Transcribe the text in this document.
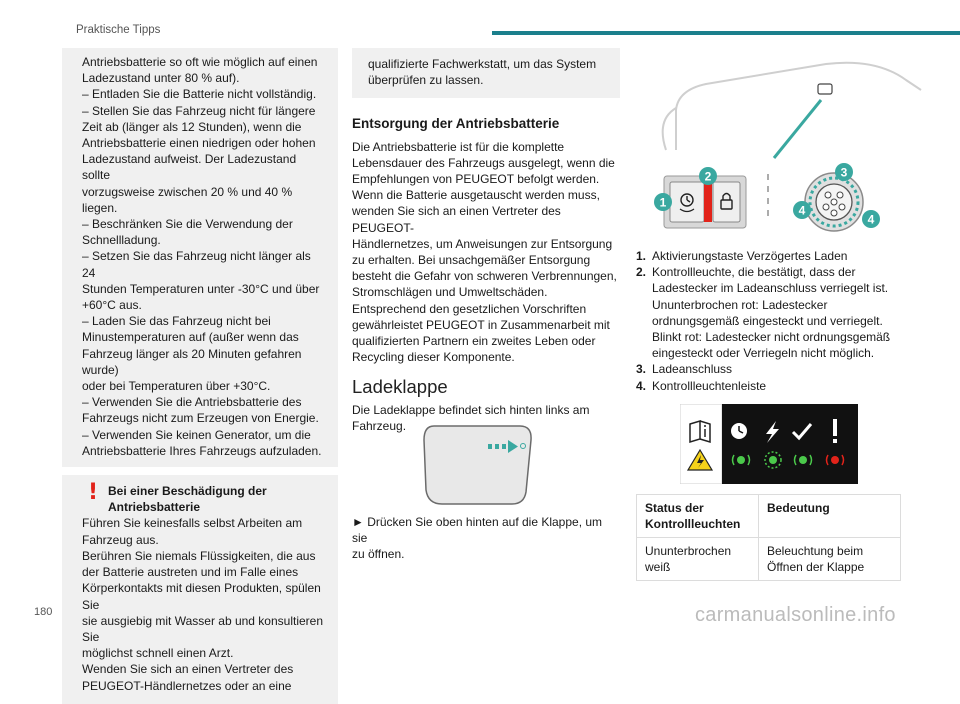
Praktische Tipps
Antriebsbatterie so oft wie möglich auf einen
Ladezustand unter 80 % auf).
– Entladen Sie die Batterie nicht vollständig.
– Stellen Sie das Fahrzeug nicht für längere
Zeit ab (länger als 12 Stunden), wenn die
Antriebsbatterie einen niedrigen oder hohen
Ladezustand aufweist. Der Ladezustand sollte
vorzugsweise zwischen 20 % und 40 % liegen.
– Beschränken Sie die Verwendung der
Schnellladung.
– Setzen Sie das Fahrzeug nicht länger als 24
Stunden Temperaturen unter -30°C und über
+60°C aus.
– Laden Sie das Fahrzeug nicht bei
Minustemperaturen auf (außer wenn das
Fahrzeug länger als 20 Minuten gefahren wurde)
oder bei Temperaturen über +30°C.
– Verwenden Sie die Antriebsbatterie des
Fahrzeugs nicht zum Erzeugen von Energie.
– Verwenden Sie keinen Generator, um die
Antriebsbatterie Ihres Fahrzeugs aufzuladen.
! Bei einer Beschädigung der
Antriebsbatterie
Führen Sie keinesfalls selbst Arbeiten am
Fahrzeug aus.
Berühren Sie niemals Flüssigkeiten, die aus
der Batterie austreten und im Falle eines
Körperkontakts mit diesen Produkten, spülen Sie
sie ausgiebig mit Wasser ab und konsultieren Sie
möglichst schnell einen Arzt.
Wenden Sie sich an einen Vertreter des
PEUGEOT-Händlernetzes oder an eine
qualifizierte Fachwerkstatt, um das System
überprüfen zu lassen.
Entsorgung der Antriebsbatterie
Die Antriebsbatterie ist für die komplette
Lebensdauer des Fahrzeugs ausgelegt, wenn die
Empfehlungen von PEUGEOT befolgt werden.
Wenn die Batterie ausgetauscht werden muss,
wenden Sie sich an einen Vertreter des PEUGEOT-
Händlernetzes, um Anweisungen zur Entsorgung
zu erhalten. Bei unsachgemäßer Entsorgung
besteht die Gefahr von schweren Verbrennungen,
Stromschlägen und Umweltschäden.
Entsprechend den gesetzlichen Vorschriften
gewährleistet PEUGEOT in Zusammenarbeit mit
qualifizierten Partnern ein zweites Leben oder
Recycling dieser Komponente.
Ladeklappe
Die Ladeklappe befindet sich hinten links am
Fahrzeug.
► Drücken Sie oben hinten auf die Klappe, um sie
zu öffnen.
1
2	3
4
4
1. Aktivierungstaste Verzögertes Laden
2. Kontrollleuchte, die bestätigt, dass der
Ladestecker im Ladeanschluss verriegelt ist.
Ununterbrochen rot: Ladestecker
ordnungsgemäß eingesteckt und verriegelt.
Blinkt rot: Ladestecker nicht ordnungsgemäß
eingesteckt oder Verriegeln nicht möglich.
3. Ladeanschluss
4. Kontrollleuchtenleiste
Status der Kontrollleuchten	Bedeutung
Ununterbrochen weiß	Beleuchtung beim Öffnen der Klappe
180	carmanualsonline.info
